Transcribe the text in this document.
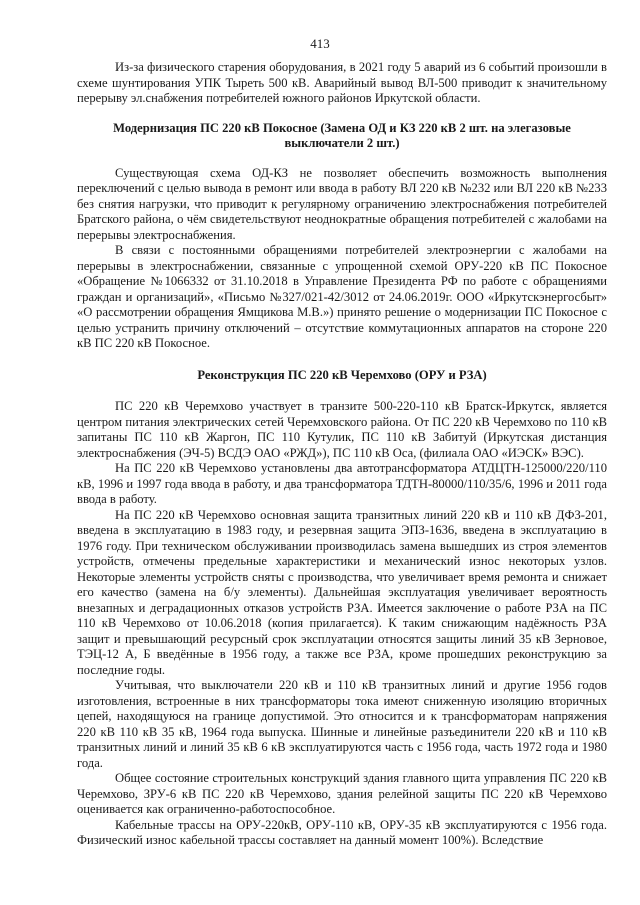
413

Из-за физического старения оборудования, в 2021 году 5 аварий из 6 событий произошли в схеме шунтирования УПК Тыреть 500 кВ. Аварийный вывод ВЛ-500 приводит к значительному перерыву эл.снабжения потребителей южного районов Иркутской области.

Модернизация ПС 220 кВ Покосное (Замена ОД и КЗ 220 кВ 2 шт. на элегазовые выключатели 2 шт.)

Существующая схема ОД-КЗ не позволяет обеспечить возможность выполнения переключений с целью вывода в ремонт или ввода в работу ВЛ 220 кВ №232 или ВЛ 220 кВ №233 без снятия нагрузки, что приводит к регулярному ограничению электроснабжения потребителей Братского района, о чём свидетельствуют неоднократные обращения потребителей с жалобами на перерывы электроснабжения.

В связи с постоянными обращениями потребителей электроэнергии с жалобами на перерывы в электроснабжении, связанные с упрощенной схемой ОРУ-220 кВ ПС Покосное «Обращение №1066332 от 31.10.2018 в Управление Президента РФ по работе с обращениями граждан и организаций», «Письмо №327/021-42/3012 от 24.06.2019г. ООО «Иркутскэнергосбыт» «О рассмотрении обращения Ямщикова М.В.») принято решение о модернизации ПС Покосное с целью устранить причину отключений – отсутствие коммутационных аппаратов на стороне 220 кВ ПС 220 кВ Покосное.

Реконструкция ПС 220 кВ Черемхово (ОРУ и РЗА)

ПС 220 кВ Черемхово участвует в транзите 500-220-110 кВ Братск-Иркутск, является центром питания электрических сетей Черемховского района. От ПС 220 кВ Черемхово по 110 кВ запитаны ПС 110 кВ Жаргон, ПС 110 Кутулик, ПС 110 кВ Забитуй (Иркутская дистанция электроснабжения (ЭЧ-5) ВСДЭ ОАО «РЖД»), ПС 110 кВ Оса, (филиала ОАО «ИЭСК» ВЭС).

На ПС 220 кВ Черемхово установлены два автотрансформатора АТДЦТН-125000/220/110 кВ, 1996 и 1997 года ввода в работу, и два трансформатора ТДТН-80000/110/35/6, 1996 и 2011 года ввода в работу.

На ПС 220 кВ Черемхово основная защита транзитных линий 220 кВ и 110 кВ ДФЗ-201, введена в эксплуатацию в 1983 году, и резервная защита ЭПЗ-1636, введена в эксплуатацию в 1976 году. При техническом обслуживании производилась замена вышедших из строя элементов устройств, отмечены предельные характеристики и механический износ некоторых узлов. Некоторые элементы устройств сняты с производства, что увеличивает время ремонта и снижает его качество (замена на б/у элементы). Дальнейшая эксплуатация увеличивает вероятность внезапных и деградационных отказов устройств РЗА. Имеется заключение о работе РЗА на ПС 110 кВ Черемхово от 10.06.2018 (копия прилагается). К таким снижающим надёжность РЗА защит и превышающий ресурсный срок эксплуатации относятся защиты линий 35 кВ Зерновое, ТЭЦ-12 А, Б введённые в 1956 году, а также все РЗА, кроме прошедших реконструкцию за последние годы.

Учитывая, что выключатели 220 кВ и 110 кВ транзитных линий и другие 1956 годов изготовления, встроенные в них трансформаторы тока имеют сниженную изоляцию вторичных цепей, находящуюся на границе допустимой. Это относится и к трансформаторам напряжения 220 кВ 110 кВ 35 кВ, 1964 года выпуска. Шинные и линейные разъединители 220 кВ и 110 кВ транзитных линий и линий 35 кВ 6 кВ эксплуатируются часть с 1956 года, часть 1972 года и 1980 года.

Общее состояние строительных конструкций здания главного щита управления ПС 220 кВ Черемхово, ЗРУ-6 кВ ПС 220 кВ Черемхово, здания релейной защиты ПС 220 кВ Черемхово оценивается как ограниченно-работоспособное.

Кабельные трассы на ОРУ-220кВ, ОРУ-110 кВ, ОРУ-35 кВ эксплуатируются с 1956 года. Физический износ кабельной трассы составляет на данный момент 100%). Вследствие
